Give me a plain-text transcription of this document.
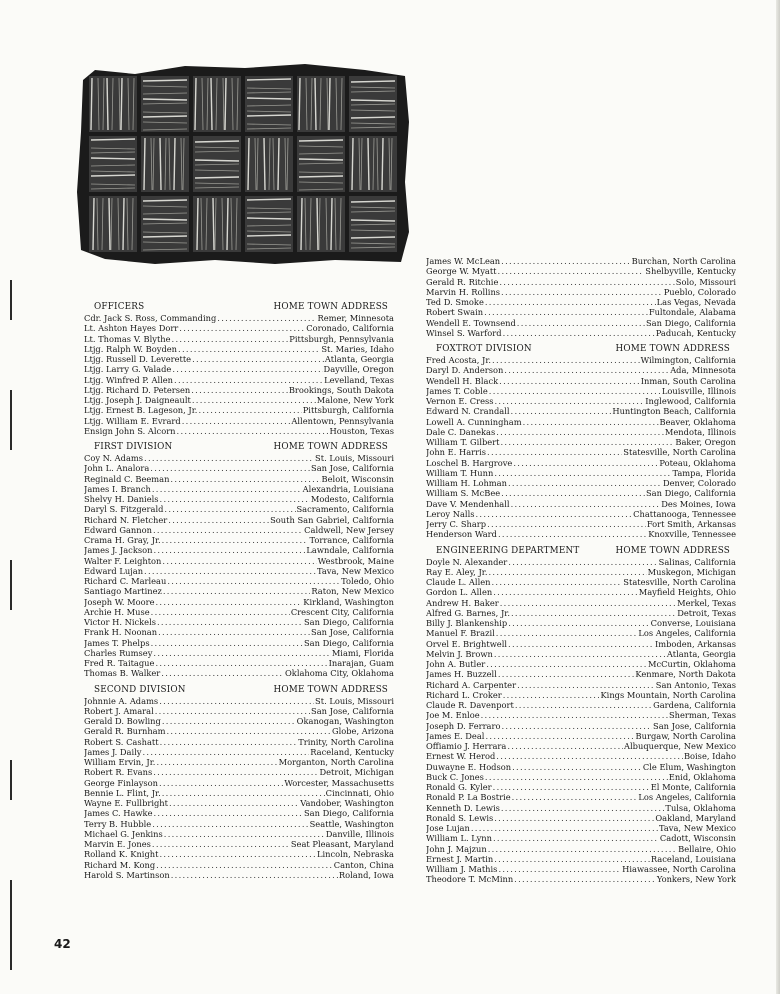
OFFICERS	HOME TOWN ADDRESS
Cdr. Jack S. Ross, Commanding .....	Remer, Minnesota
Lt. Ashton Hayes Dorr .....	Coronado, California
Lt. Thomas V. Blythe .....	Pittsburgh, Pennsylvania
Ltjg. Ralph W. Boyden .....	St. Maries, Idaho
Ltjg. Russell D. Leverette .....	Atlanta, Georgia
Ltjg. Larry G. Valade .....	Dayville, Oregon
Ltjg. Winfred P. Allen .....	Levelland, Texas
Ltjg. Richard D. Petersen .....	Brookings, South Dakota
Ltjg. Joseph J. Daigneault .....	Malone, New York
Ltjg. Ernest B. Lageson, Jr. .....	Pittsburgh, California
Ltjg. William E. Evrard .....	Allentown, Pennsylvania
Ensign John S. Alcorn .....	Houston, Texas
FIRST DIVISION	HOME TOWN ADDRESS
Coy N. Adams .....	St. Louis, Missouri
John L. Analora .....	San Jose, California
Reginald C. Beeman .....	Beloit, Wisconsin
James I. Branch .....	Alexandria, Louisiana
Shelvy H. Daniels .....	Modesto, California
Daryl S. Fitzgerald .....	Sacramento, California
Richard N. Fletcher .....	South San Gabriel, California
Edward Gannon .....	Caldwell, New Jersey
Crama H. Gray, Jr. .....	Torrance, California
James J. Jackson .....	Lawndale, California
Walter F. Leighton .....	Westbrook, Maine
Edward Lujan .....	Tava, New Mexico
Richard C. Marleau .....	Toledo, Ohio
Santiago Martinez .....	Raton, New Mexico
Joseph W. Moore .....	Kirkland, Washington
Archie H. Muse .....	Crescent City, California
Victor H. Nickels .....	San Diego, California
Frank H. Noonan .....	San Jose, California
James T. Phelps .....	San Diego, California
Charles Rumsey .....	Miami, Florida
Fred R. Taitague .....	Inarajan, Guam
Thomas B. Walker .....	Oklahoma City, Oklahoma
SECOND DIVISION	HOME TOWN ADDRESS
Johnnie A. Adams .....	St. Louis, Missouri
Robert J. Amaral .....	San Jose, California
Gerald D. Bowling .....	Okanogan, Washington
Gerald R. Burnham .....	Globe, Arizona
Robert S. Cashatt .....	Trinity, North Carolina
James J. Daily .....	Raceland, Kentucky
William Ervin, Jr. .....	Morganton, North Carolina
Robert R. Evans .....	Detroit, Michigan
George Finlayson .....	Worcester, Massachusetts
Bennie L. Flint, Jr. .....	Cincinnati, Ohio
Wayne E. Fullbright .....	Vandober, Washington
James C. Hawke .....	San Diego, California
Terry B. Hubble .....	Seattle, Washington
Michael G. Jenkins .....	Danville, Illinois
Marvin E. Jones .....	Seat Pleasant, Maryland
Rolland K. Knight .....	Lincoln, Nebraska
Richard M. Kong .....	Canton, China
Harold S. Martinson .....	Roland, Iowa
James W. McLean .....	Burchan, North Carolina
George W. Myatt .....	Shelbyville, Kentucky
Gerald R. Ritchie .....	Solo, Missouri
Marvin H. Rollins .....	Pueblo, Colorado
Ted D. Smoke .....	Las Vegas, Nevada
Robert Swain .....	Fultondale, Alabama
Wendell E. Townsend .....	San Diego, California
Winsel S. Warford .....	Paducah, Kentucky
FOXTROT DIVISION	HOME TOWN ADDRESS
Fred Acosta, Jr. .....	Wilmington, California
Daryl D. Anderson .....	Ada, Minnesota
Wendell H. Black .....	Inman, South Carolina
James T. Coble .....	Louisville, Illinois
Vernon E. Cress .....	Inglewood, California
Edward N. Crandall .....	Huntington Beach, California
Lowell A. Cunningham .....	Beaver, Oklahoma
Dale C. Danekas .....	Mendota, Illinois
William T. Gilbert .....	Baker, Oregon
John E. Harris .....	Statesville, North Carolina
Loschel B. Hargrove .....	Poteau, Oklahoma
William T. Hunn .....	Tampa, Florida
William H. Lohman .....	Denver, Colorado
William S. McBee .....	San Diego, California
Dave V. Mendenhall .....	Des Moines, Iowa
Leroy Nalls .....	Chattanooga, Tennessee
Jerry C. Sharp .....	Fort Smith, Arkansas
Henderson Ward .....	Knoxville, Tennessee
ENGINEERING DEPARTMENT	HOME TOWN ADDRESS
Doyle N. Alexander .....	Salinas, California
Ray E. Aley, Jr. .....	Muskegon, Michigan
Claude L. Allen .....	Statesville, North Carolina
Gordon L. Allen .....	Mayfield Heights, Ohio
Andrew H. Baker .....	Merkel, Texas
Alfred G. Barnes, Jr. .....	Detroit, Texas
Billy J. Blankenship .....	Converse, Louisiana
Manuel F. Brazil .....	Los Angeles, California
Orvel E. Brightwell .....	Imboden, Arkansas
Melvin J. Brown .....	Atlanta, Georgia
John A. Butler .....	McCurtin, Oklahoma
James H. Buzzell .....	Kenmare, North Dakota
Richard A. Carpenter .....	San Antonio, Texas
Richard L. Croker .....	Kings Mountain, North Carolina
Claude R. Davenport .....	Gardena, California
Joe M. Enloe .....	Sherman, Texas
Joseph D. Ferraro .....	San Jose, California
James E. Deal .....	Burgaw, North Carolina
Offiamio J. Herrara .....	Albuquerque, New Mexico
Ernest W. Herod .....	Boise, Idaho
Duwayne E. Hodson .....	Cle Elum, Washington
Buck C. Jones .....	Enid, Oklahoma
Ronald G. Kyler .....	El Monte, California
Ronald P. La Bostrie .....	Los Angeles, California
Kenneth D. Lewis .....	Tulsa, Oklahoma
Ronald S. Lewis .....	Oakland, Maryland
Jose Lujan .....	Tava, New Mexico
William L. Lynn .....	Cadott, Wisconsin
John J. Majzun .....	Bellaire, Ohio
Ernest J. Martin .....	Raceland, Louisiana
William J. Mathis .....	Hiawassee, North Carolina
Theodore T. McMinn .....	Yonkers, New York
42
